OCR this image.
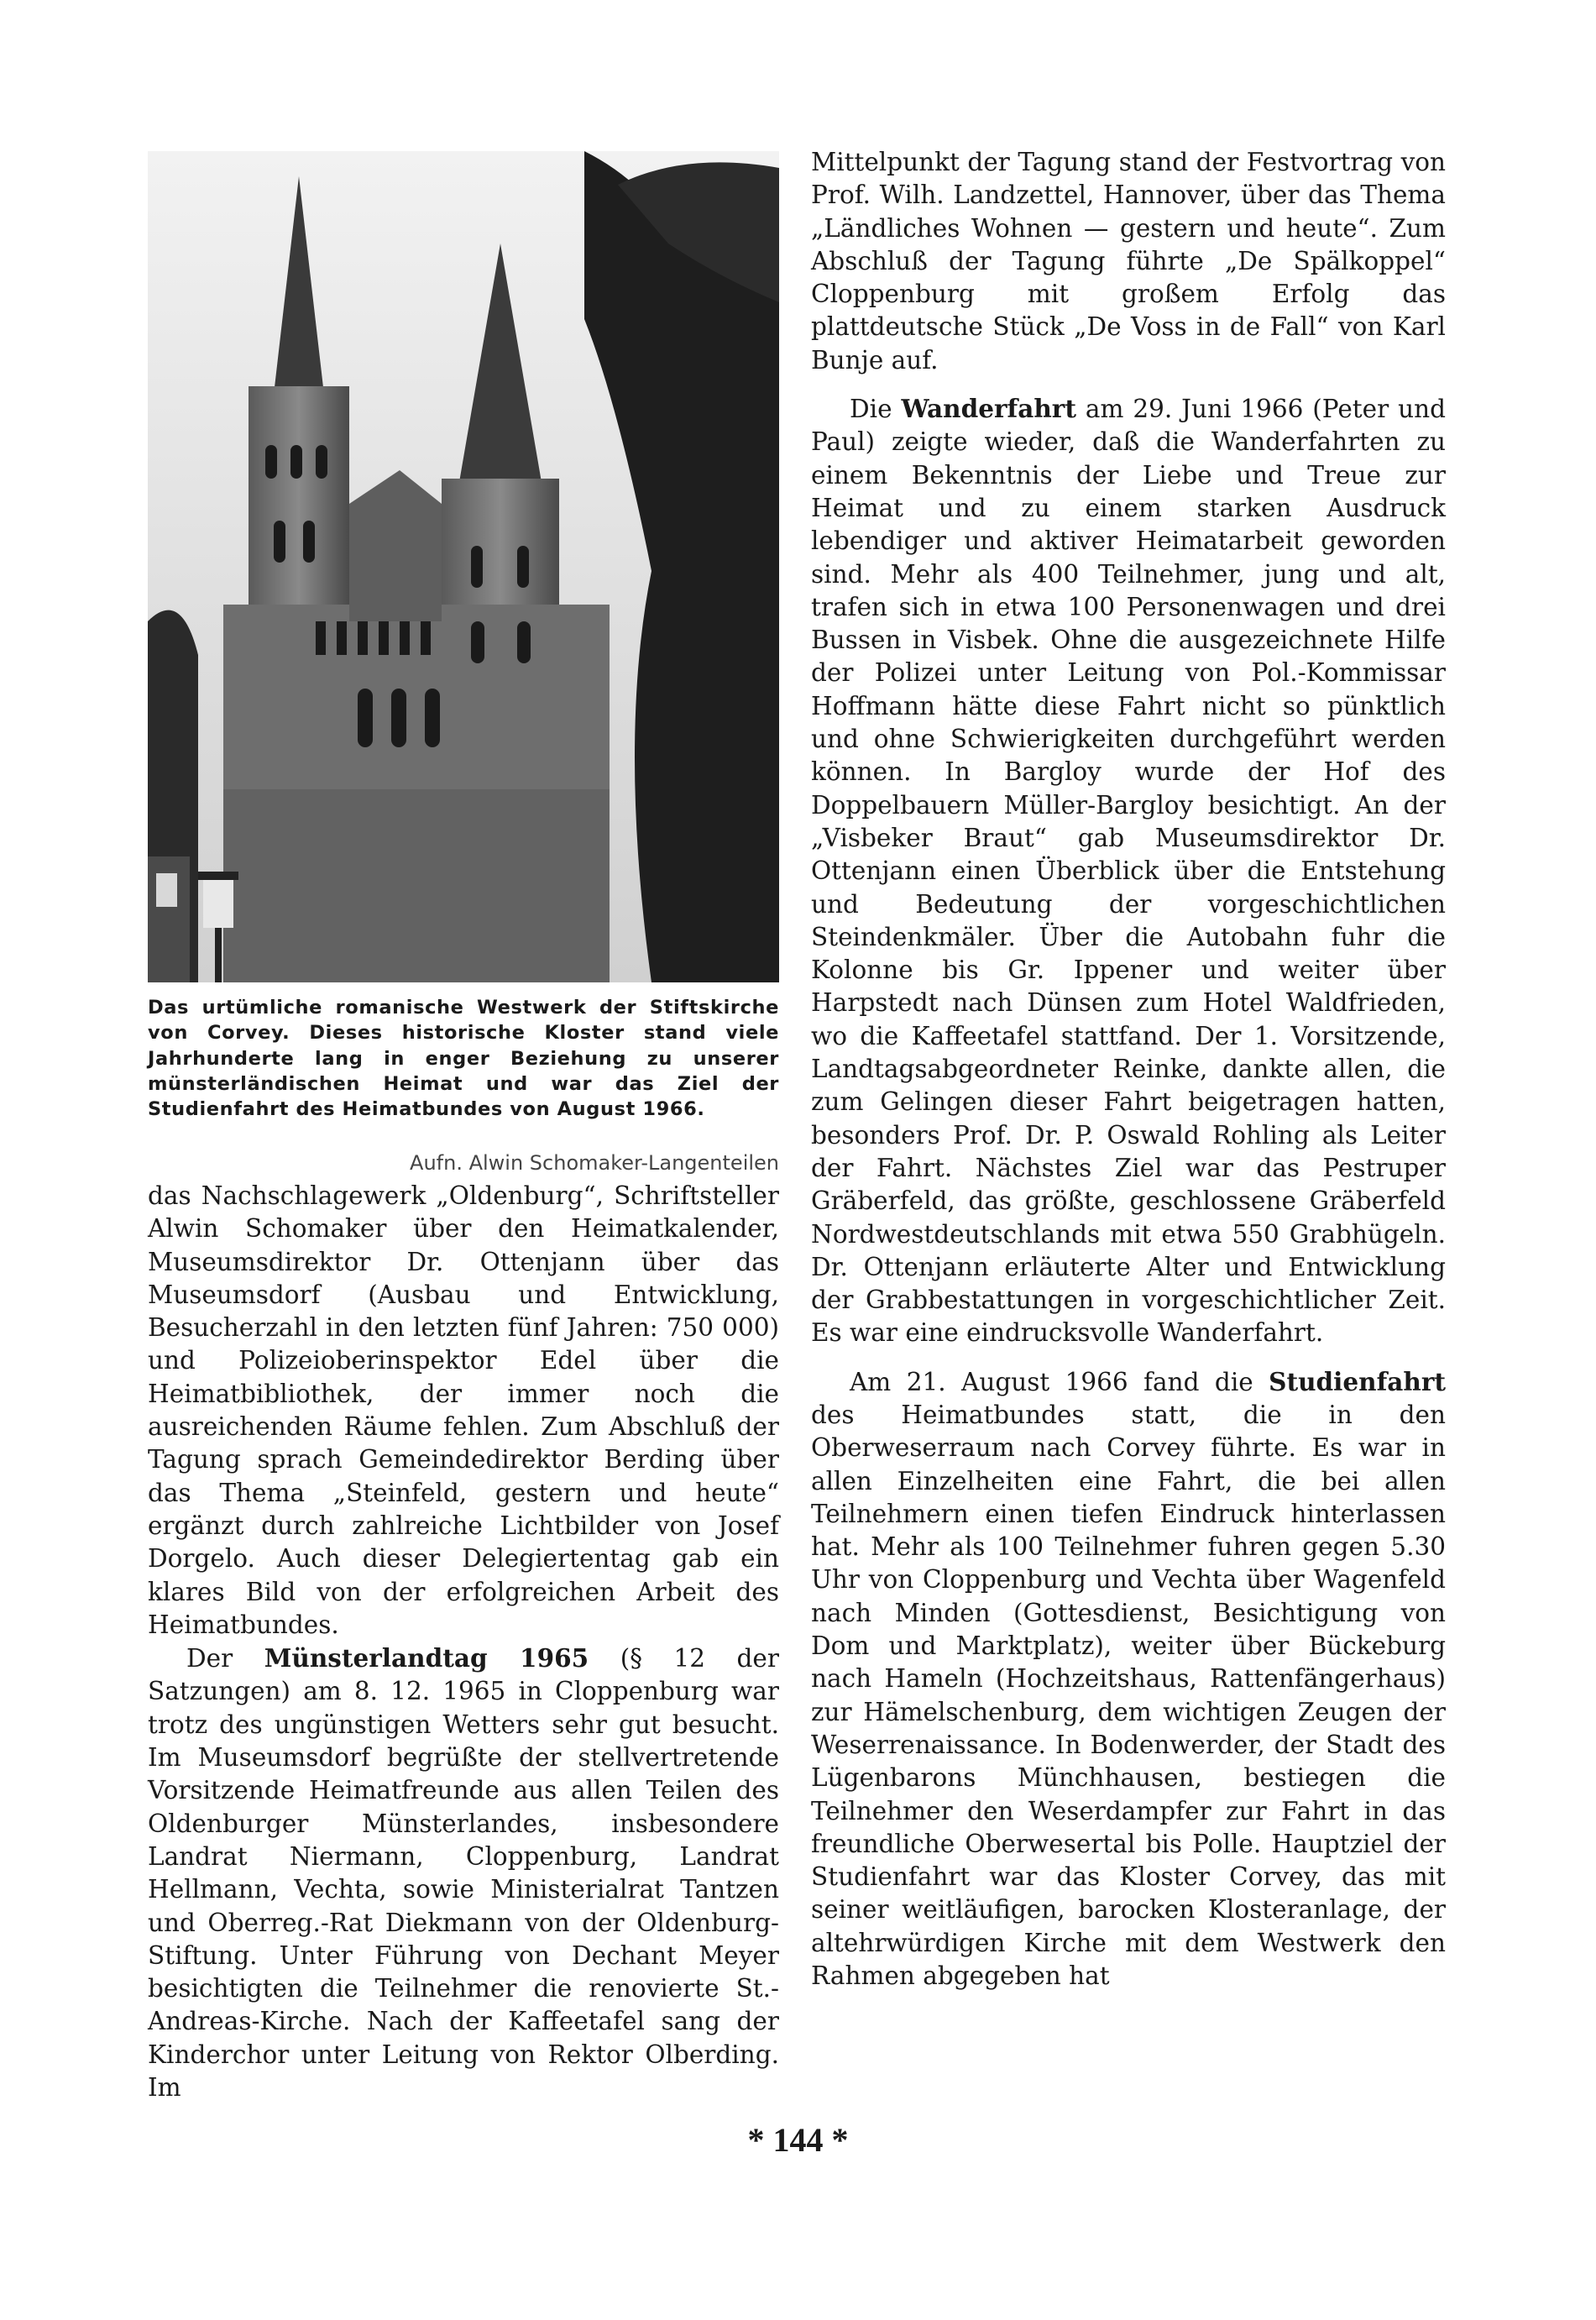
Das urtümliche romanische Westwerk der Stiftskirche von Corvey. Dieses historische Kloster stand viele Jahrhunderte lang in enger Beziehung zu unserer münsterländischen Heimat und war das Ziel der Studienfahrt des Heimatbundes von August 1966.
Aufn. Alwin Schomaker-Langenteilen

das Nachschlagewerk „Oldenburg“, Schriftsteller Alwin Schomaker über den Heimatkalender, Museumsdirektor Dr. Ottenjann über das Museumsdorf (Ausbau und Entwicklung, Besucherzahl in den letzten fünf Jahren: 750 000) und Polizeioberinspektor Edel über die Heimatbibliothek, der immer noch die ausreichenden Räume fehlen. Zum Abschluß der Tagung sprach Gemeindedirektor Berding über das Thema „Steinfeld, gestern und heute“ ergänzt durch zahlreiche Lichtbilder von Josef Dorgelo. Auch dieser Delegiertentag gab ein klares Bild von der erfolgreichen Arbeit des Heimatbundes.

Der Münsterlandtag 1965 (§ 12 der Satzungen) am 8. 12. 1965 in Cloppenburg war trotz des ungünstigen Wetters sehr gut besucht. Im Museumsdorf begrüßte der stellvertretende Vorsitzende Heimatfreunde aus allen Teilen des Oldenburger Münsterlandes, insbesondere Landrat Niermann, Cloppenburg, Landrat Hellmann, Vechta, sowie Ministerialrat Tantzen und Oberreg.-Rat Diekmann von der Oldenburg-Stiftung. Unter Führung von Dechant Meyer besichtigten die Teilnehmer die renovierte St.-Andreas-Kirche. Nach der Kaffeetafel sang der Kinderchor unter Leitung von Rektor Olberding. Im

Mittelpunkt der Tagung stand der Festvortrag von Prof. Wilh. Landzettel, Hannover, über das Thema „Ländliches Wohnen — gestern und heute“. Zum Abschluß der Tagung führte „De Spälkoppel“ Cloppenburg mit großem Erfolg das plattdeutsche Stück „De Voss in de Fall“ von Karl Bunje auf.

Die Wanderfahrt am 29. Juni 1966 (Peter und Paul) zeigte wieder, daß die Wanderfahrten zu einem Bekenntnis der Liebe und Treue zur Heimat und zu einem starken Ausdruck lebendiger und aktiver Heimatarbeit geworden sind. Mehr als 400 Teilnehmer, jung und alt, trafen sich in etwa 100 Personenwagen und drei Bussen in Visbek. Ohne die ausgezeichnete Hilfe der Polizei unter Leitung von Pol.-Kommissar Hoffmann hätte diese Fahrt nicht so pünktlich und ohne Schwierigkeiten durchgeführt werden können. In Bargloy wurde der Hof des Doppelbauern Müller-Bargloy besichtigt. An der „Visbeker Braut“ gab Museumsdirektor Dr. Ottenjann einen Überblick über die Entstehung und Bedeutung der vorgeschichtlichen Steindenkmäler. Über die Autobahn fuhr die Kolonne bis Gr. Ippener und weiter über Harpstedt nach Dünsen zum Hotel Waldfrieden, wo die Kaffeetafel stattfand. Der 1. Vorsitzende, Landtagsabgeordneter Reinke, dankte allen, die zum Gelingen dieser Fahrt beigetragen hatten, besonders Prof. Dr. P. Oswald Rohling als Leiter der Fahrt. Nächstes Ziel war das Pestruper Gräberfeld, das größte, geschlossene Gräberfeld Nordwestdeutschlands mit etwa 550 Grabhügeln. Dr. Ottenjann erläuterte Alter und Entwicklung der Grabbestattungen in vorgeschichtlicher Zeit. Es war eine eindrucksvolle Wanderfahrt.

Am 21. August 1966 fand die Studienfahrt des Heimatbundes statt, die in den Oberweserraum nach Corvey führte. Es war in allen Einzelheiten eine Fahrt, die bei allen Teilnehmern einen tiefen Eindruck hinterlassen hat. Mehr als 100 Teilnehmer fuhren gegen 5.30 Uhr von Cloppenburg und Vechta über Wagenfeld nach Minden (Gottesdienst, Besichtigung von Dom und Marktplatz), weiter über Bückeburg nach Hameln (Hochzeitshaus, Rattenfängerhaus) zur Hämelschenburg, dem wichtigen Zeugen der Weserrenaissance. In Bodenwerder, der Stadt des Lügenbarons Münchhausen, bestiegen die Teilnehmer den Weserdampfer zur Fahrt in das freundliche Oberwesertal bis Polle. Hauptziel der Studienfahrt war das Kloster Corvey, das mit seiner weitläufigen, barocken Klosteranlage, der altehrwürdigen Kirche mit dem Westwerk den Rahmen abgegeben hat

* 144 *
